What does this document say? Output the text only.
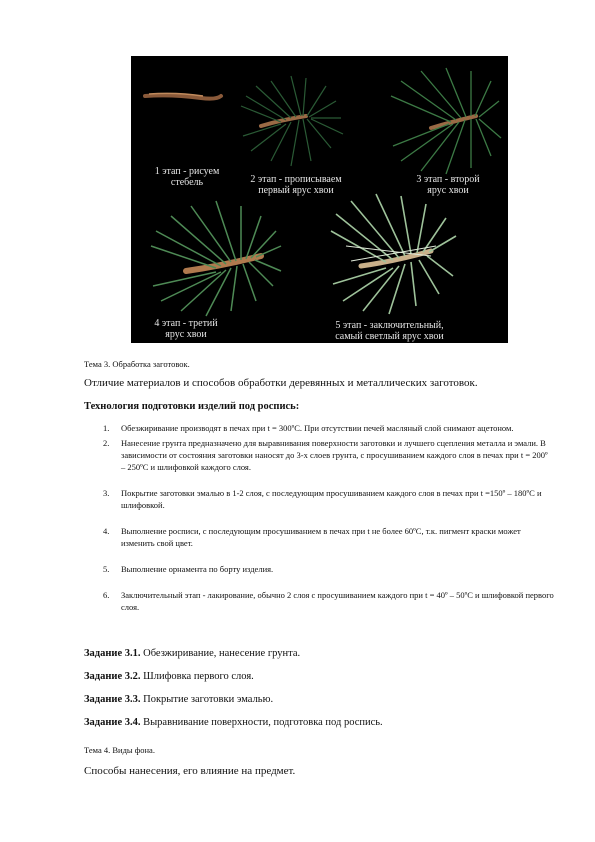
1 этап - рисуем
стебель	2 этап - прописываем
первый ярус хвои
3 этап - второй
ярус хвои
4 этап - третий
ярус хвои
5 этап - заключительный,
самый светлый ярус хвои
Тема 3. Обработка заготовок.
Отличие материалов и способов обработки деревянных и металлических заготовок.
Технология подготовки изделий под роспись:
1. Обезжиривание производят в печах при t = 300ºС. При отсутствии печей масляный слой снимают ацетоном.
2. Нанесение грунта предназначено для выравнивания поверхности заготовки и лучшего сцепления металла и эмали. В зависимости от состояния заготовки наносят до 3-х слоев грунта, с просушиванием каждого слоя в печах при t = 200º – 250ºС и шлифовкой каждого слоя.
3. Покрытие заготовки эмалью в 1-2 слоя, с последующим просушиванием каждого слоя в печах при t =150º – 180ºС и шлифовкой.
4. Выполнение росписи, с последующим просушиванием в печах при t не более 60ºС, т.к. пигмент краски может изменить свой цвет.
5. Выполнение орнамента по борту изделия.
6. Заключительный этап - лакирование, обычно 2 слоя с просушиванием каждого при t = 40º – 50ºС и шлифовкой первого слоя.
Задание 3.1. Обезжиривание, нанесение грунта.
Задание 3.2. Шлифовка первого слоя.
Задание 3.3. Покрытие заготовки эмалью.
Задание 3.4. Выравнивание поверхности, подготовка под роспись.
Тема 4. Виды фона.
Способы нанесения, его влияние на предмет.
